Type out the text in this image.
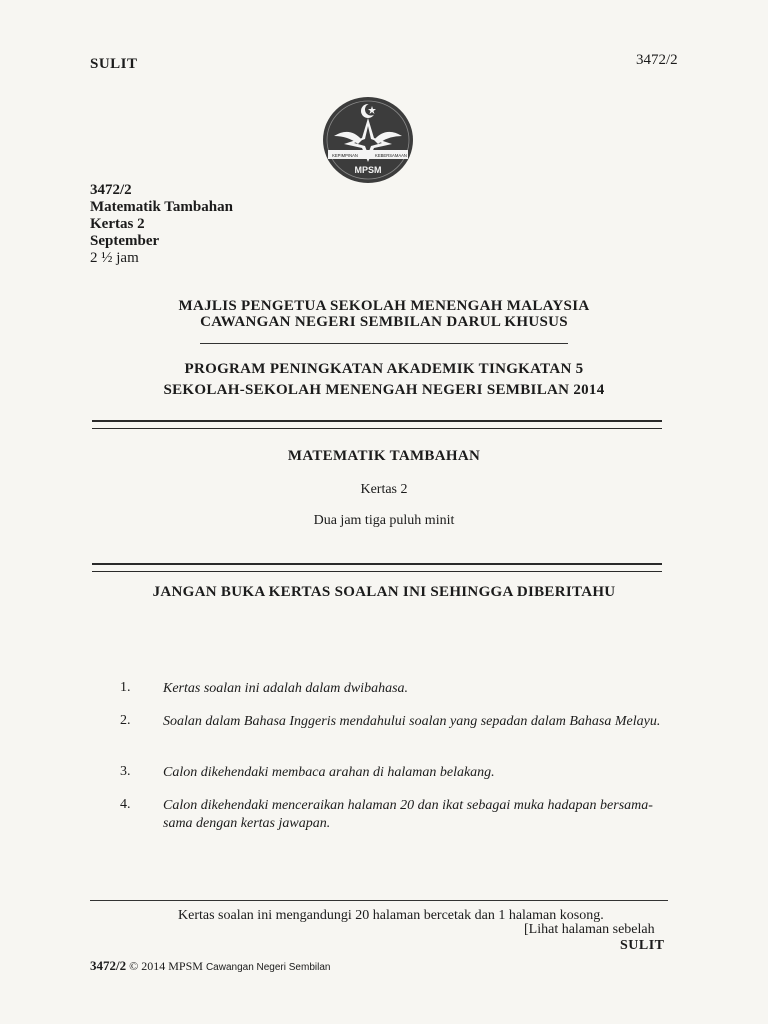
SULIT	3472/2
KEPIMPINAN	KEBERSAMAAN
MPSM
3472/2
Matematik Tambahan
Kertas 2
September
2 ½ jam
MAJLIS PENGETUA SEKOLAH MENENGAH MALAYSIA
CAWANGAN NEGERI SEMBILAN DARUL KHUSUS
PROGRAM PENINGKATAN AKADEMIK TINGKATAN 5
SEKOLAH-SEKOLAH MENENGAH NEGERI SEMBILAN 2014
MATEMATIK TAMBAHAN
Kertas 2
Dua jam tiga puluh minit
JANGAN BUKA KERTAS SOALAN INI SEHINGGA DIBERITAHU
1. Kertas soalan ini adalah dalam dwibahasa.
2. Soalan dalam Bahasa Inggeris mendahului soalan yang sepadan dalam Bahasa Melayu.
3. Calon dikehendaki membaca arahan di halaman belakang.
4. Calon dikehendaki menceraikan halaman 20 dan ikat sebagai muka hadapan bersama-sama dengan kertas jawapan.
Kertas soalan ini mengandungi 20 halaman bercetak dan 1 halaman kosong.
[Lihat halaman sebelah
SULIT
3472/2 © 2014 MPSM Cawangan Negeri Sembilan
